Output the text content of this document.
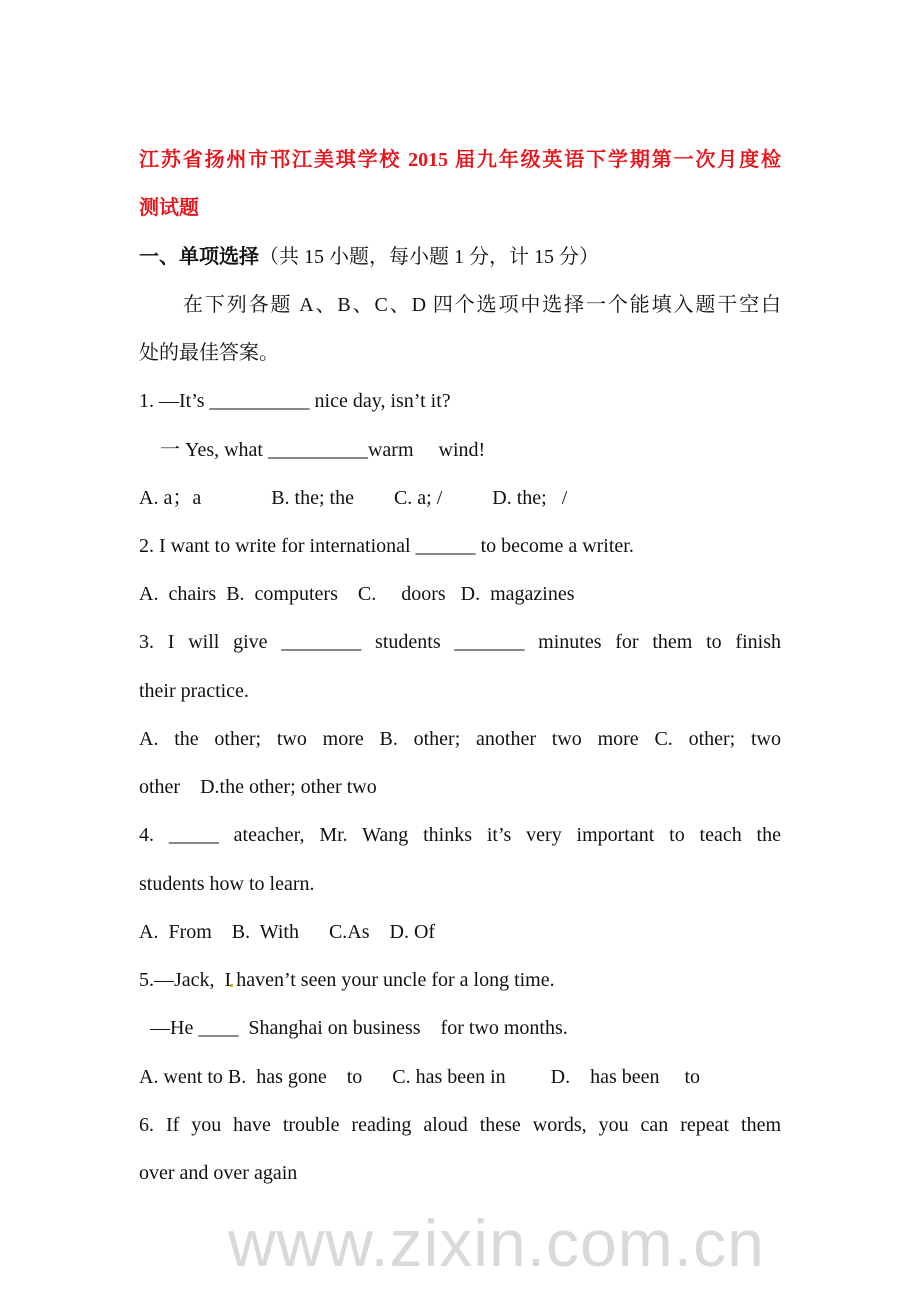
www.zixin.com.cn
江苏省扬州市邗江美琪学校 2015 届九年级英语下学期第一次月度检
测试题
一、单项选择（共 15 小题，每小题 1 分，计 15 分）
在下列各题 A、B、C、D 四个选项中选择一个能填入题干空白
处的最佳答案。
1. —It’s __________ nice day, isn’t it?
一 Yes, what __________warm     wind!
A. a；a              B. the; the        C. a; /          D. the;   /
2. I want to write for international ______ to become a writer.
A.  chairs  B.  computers    C.     doors   D.  magazines
3. I will give ________ students _______ minutes for them to finish
their practice.
A. the other; two more B. other; another two more C. other; two
other    D.the other; other two
4. _____ ateacher, Mr. Wang thinks it’s very important to teach the
students how to learn.
A.  From    B.  With      C.As    D. Of
5.—Jack,  I haven’t seen your uncle for a long time.
—He ____  Shanghai on business    for two months.
A. went to B.  has gone    to      C. has been in         D.    has been     to
6. If you have trouble reading aloud these words, you can repeat them
over and over again
